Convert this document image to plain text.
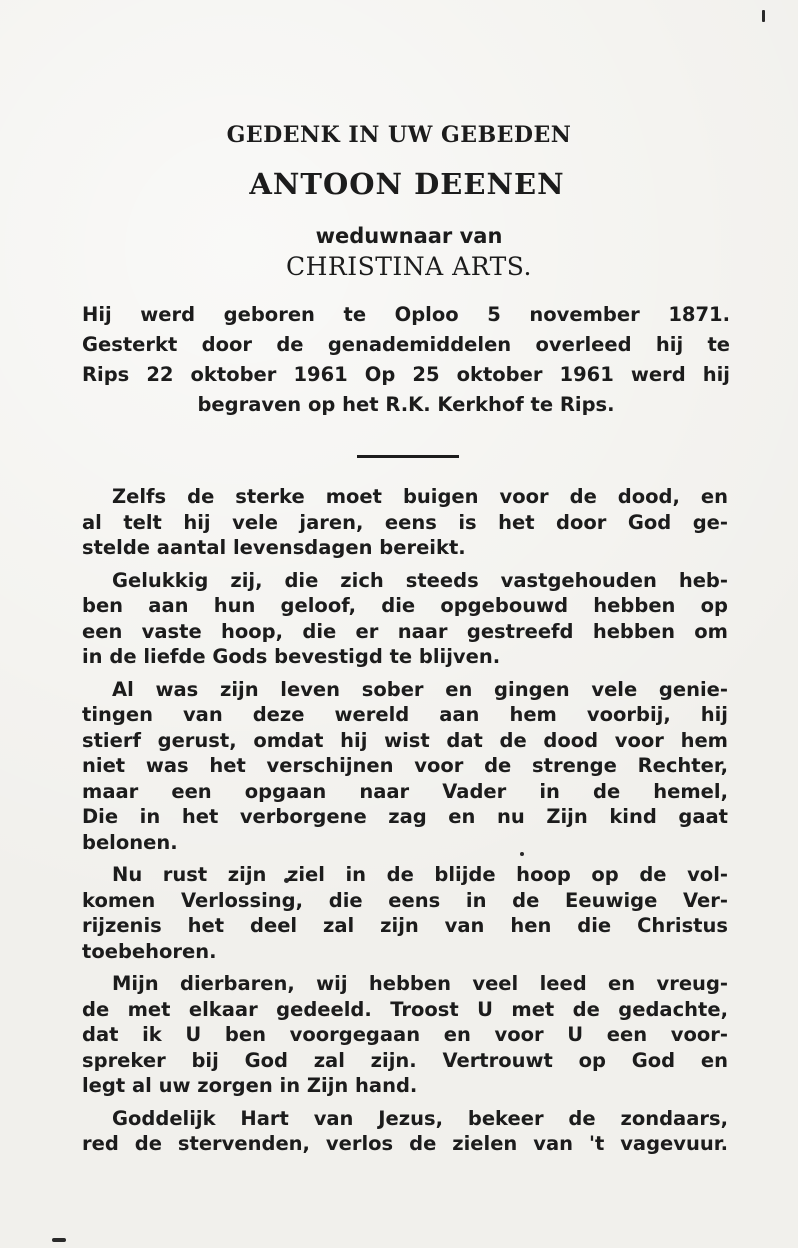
GEDENK IN UW GEBEDEN
ANTOON DEENEN
weduwnaar van
CHRISTINA ARTS.
Hij werd geboren te Oploo 5 november 1871.
Gesterkt door de genademiddelen overleed hij te
Rips 22 oktober 1961 Op 25 oktober 1961 werd hij
begraven op het R.K. Kerkhof te Rips.
Zelfs de sterke moet buigen voor de dood, en
al telt hij vele jaren, eens is het door God ge-
stelde aantal levensdagen bereikt.
Gelukkig zij, die zich steeds vastgehouden heb-
ben aan hun geloof, die opgebouwd hebben op
een vaste hoop, die er naar gestreefd hebben om
in de liefde Gods bevestigd te blijven.
Al was zijn leven sober en gingen vele genie-
tingen van deze wereld aan hem voorbij, hij
stierf gerust, omdat hij wist dat de dood voor hem
niet was het verschijnen voor de strenge Rechter,
maar een opgaan naar Vader in de hemel,
Die in het verborgene zag en nu Zijn kind gaat
belonen.
Nu rust zijn ziel in de blijde hoop op de vol-
komen Verlossing, die eens in de Eeuwige Ver-
rijzenis het deel zal zijn van hen die Christus
toebehoren.
Mijn dierbaren, wij hebben veel leed en vreug-
de met elkaar gedeeld. Troost U met de gedachte,
dat ik U ben voorgegaan en voor U een voor-
spreker bij God zal zijn. Vertrouwt op God en
legt al uw zorgen in Zijn hand.
Goddelijk Hart van Jezus, bekeer de zondaars,
red de stervenden, verlos de zielen van 't vagevuur.
